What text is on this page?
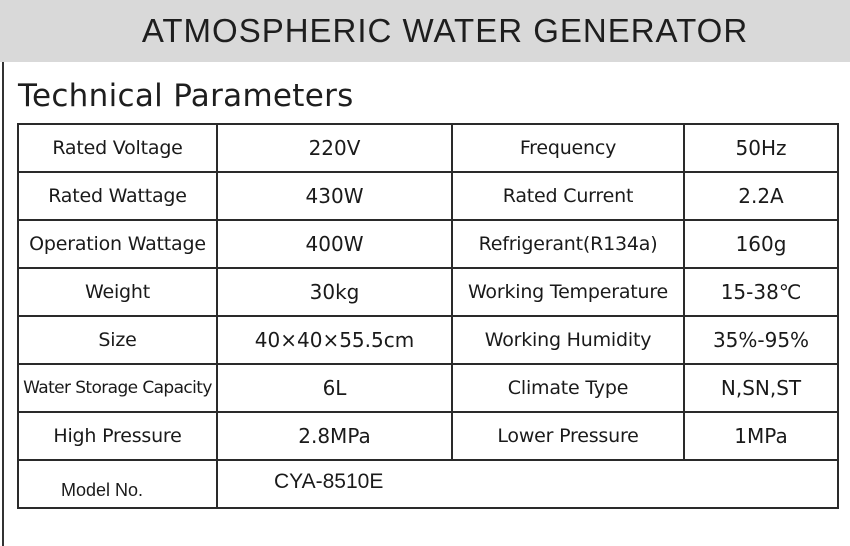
ATMOSPHERIC WATER GENERATOR
Technical Parameters
Rated Voltage	220V	Frequency	50Hz
Rated Wattage	430W	Rated Current	2.2A
Operation Wattage	400W	Refrigerant(R134a)	160g
Weight	30kg	Working Temperature	15-38℃
Size	40×40×55.5cm	Working Humidity	35%-95%
Water Storage Capacity	6L	Climate Type	N,SN,ST
High Pressure	2.8MPa	Lower Pressure	1MPa
Model No.	CYA-8510E		
